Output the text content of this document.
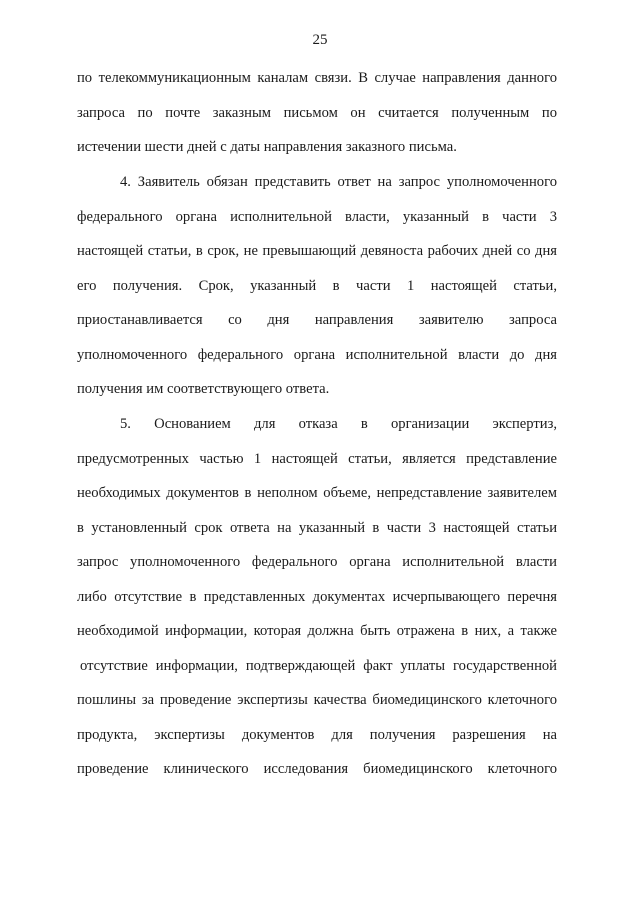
25
по телекоммуникационным каналам связи. В случае направления данного
запроса по почте заказным письмом он считается полученным по
истечении шести дней с даты направления заказного письма.
4. Заявитель обязан представить ответ на запрос уполномоченного
федерального органа исполнительной власти, указанный в части 3
настоящей статьи, в срок, не превышающий девяноста рабочих дней со дня
его получения. Срок, указанный в части 1 настоящей статьи,
приостанавливается со дня направления заявителю запроса
уполномоченного федерального органа исполнительной власти до дня
получения им соответствующего ответа.
5. Основанием для отказа в организации экспертиз,
предусмотренных частью 1 настоящей статьи, является представление
необходимых документов в неполном объеме, непредставление заявителем
в установленный срок ответа на указанный в части 3 настоящей статьи
запрос уполномоченного федерального органа исполнительной власти
либо отсутствие в представленных документах исчерпывающего перечня
необходимой информации, которая должна быть отражена в них, а также
отсутствие информации, подтверждающей факт уплаты государственной
пошлины за проведение экспертизы качества биомедицинского клеточного
продукта, экспертизы документов для получения разрешения на
проведение клинического исследования биомедицинского клеточного
